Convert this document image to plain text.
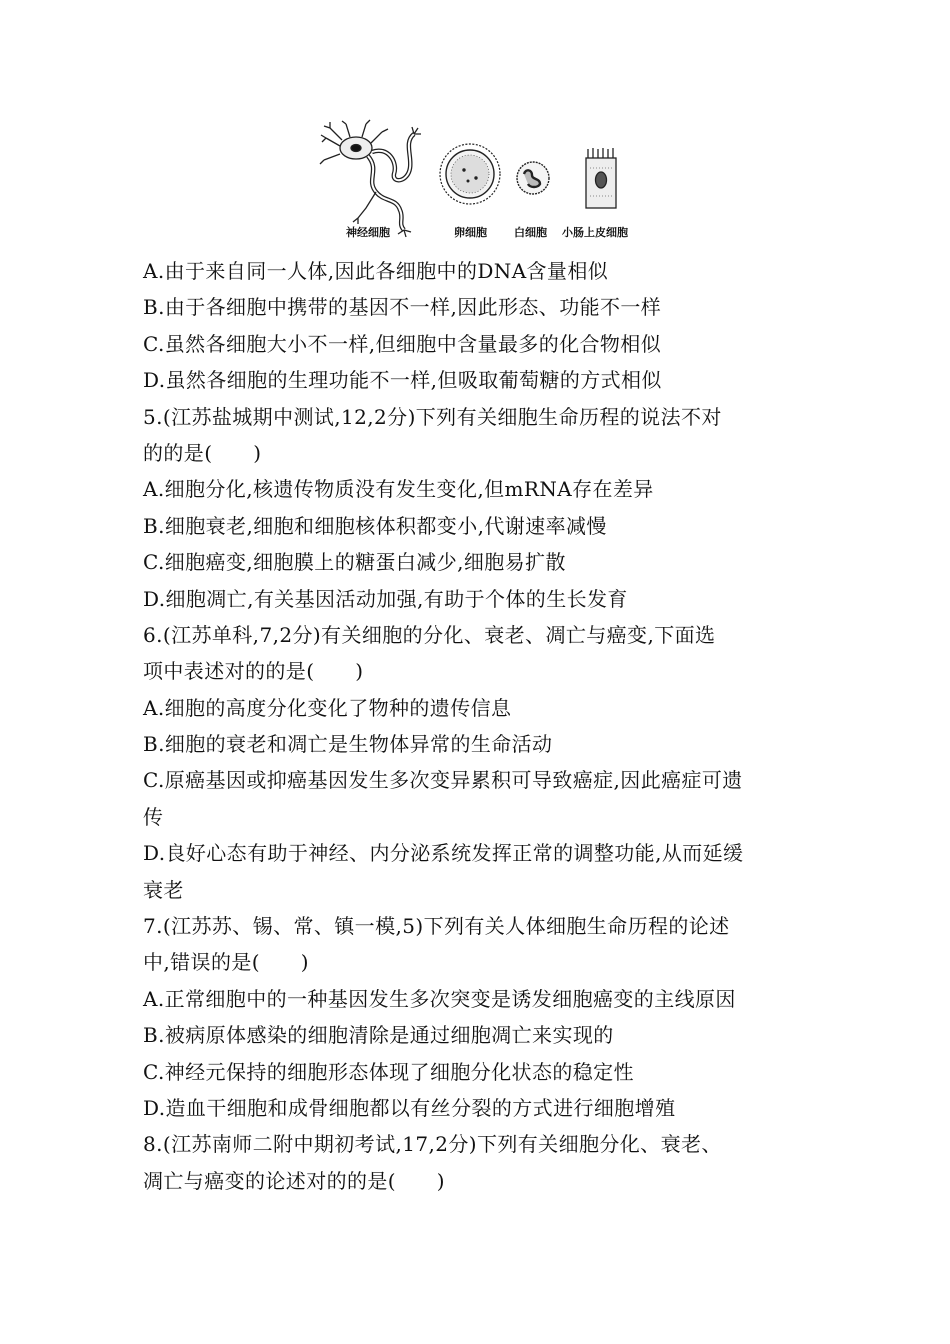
神经细胞	卵细胞 白细胞 小肠上皮细胞
A.由于来自同一人体,因此各细胞中的DNA含量相似
B.由于各细胞中携带的基因不一样,因此形态、功能不一样
C.虽然各细胞大小不一样,但细胞中含量最多的化合物相似
D.虽然各细胞的生理功能不一样,但吸取葡萄糖的方式相似
5.(江苏盐城期中测试,12,2分)下列有关细胞生命历程的说法不对
的的是(　　)
A.细胞分化,核遗传物质没有发生变化,但mRNA存在差异
B.细胞衰老,细胞和细胞核体积都变小,代谢速率减慢
C.细胞癌变,细胞膜上的糖蛋白减少,细胞易扩散
D.细胞凋亡,有关基因活动加强,有助于个体的生长发育
6.(江苏单科,7,2分)有关细胞的分化、衰老、凋亡与癌变,下面选
项中表述对的的是(　　)
A.细胞的高度分化变化了物种的遗传信息
B.细胞的衰老和凋亡是生物体异常的生命活动
C.原癌基因或抑癌基因发生多次变异累积可导致癌症,因此癌症可遗
传
D.良好心态有助于神经、内分泌系统发挥正常的调整功能,从而延缓
衰老
7.(江苏苏、锡、常、镇一模,5)下列有关人体细胞生命历程的论述
中,错误的是(　　)
A.正常细胞中的一种基因发生多次突变是诱发细胞癌变的主线原因
B.被病原体感染的细胞清除是通过细胞凋亡来实现的
C.神经元保持的细胞形态体现了细胞分化状态的稳定性
D.造血干细胞和成骨细胞都以有丝分裂的方式进行细胞增殖
8.(江苏南师二附中期初考试,17,2分)下列有关细胞分化、衰老、
凋亡与癌变的论述对的的是(　　)
